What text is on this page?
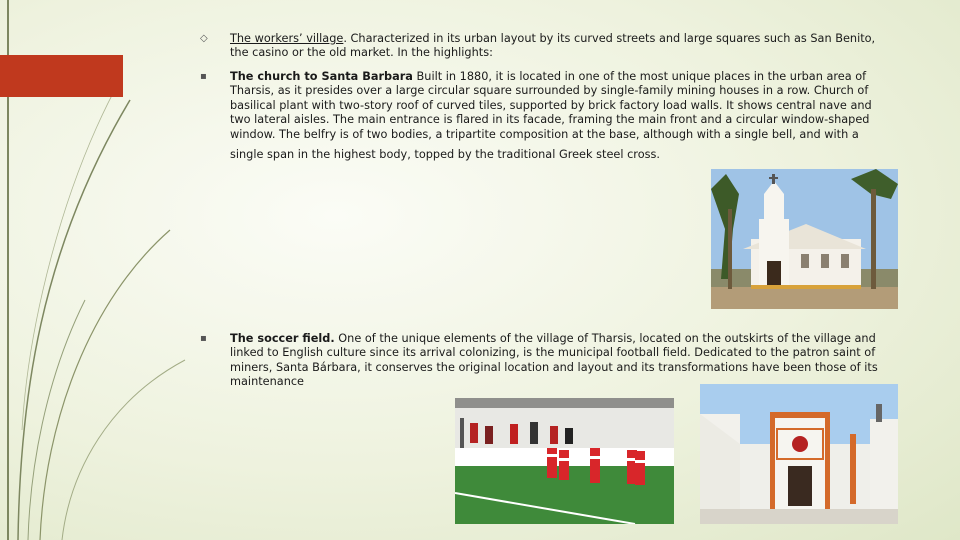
◇	The workers’ village. Characterized in its urban layout by its curved streets and large squares such as San Benito, the casino or the old market. In the highlights:
▪	The church to Santa Barbara Built in 1880, it is located in one of the most unique places in the urban area of Tharsis, as it presides over a large circular square surrounded by single-family mining houses in a row. Church of basilical plant with two-story roof of curved tiles, supported by brick factory load walls. It shows central nave and two lateral aisles. The main entrance is flared in its facade, framing the main front and a circular window-shaped window. The belfry is of two bodies, a tripartite composition at the base, although with a single bell, and with a
single span in the highest body, topped by the traditional Greek steel cross.
▪	The soccer field. One of the unique elements of the village of Tharsis, located on the outskirts of the village and linked to English culture since its arrival colonizing, is the municipal football field. Dedicated to the patron saint of miners, Santa Bárbara, it conserves the original location and layout and its transformations have been those of its maintenance
